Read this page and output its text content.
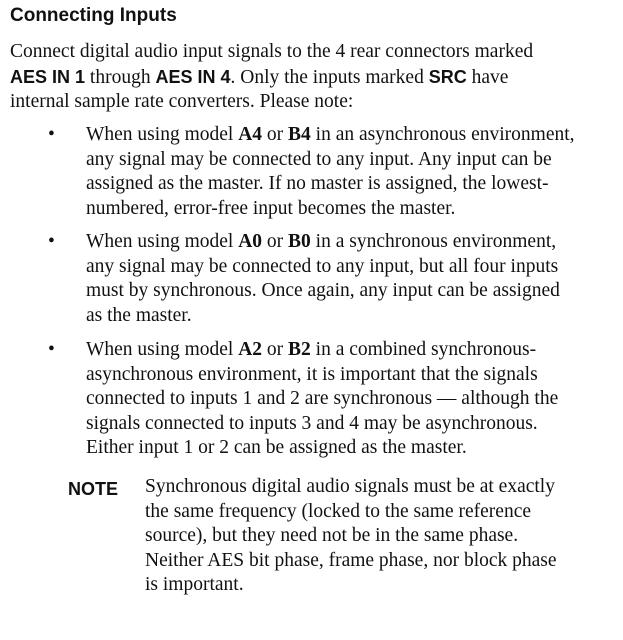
Connecting Inputs

Connect digital audio input signals to the 4 rear connectors marked
AES IN 1 through AES IN 4. Only the inputs marked SRC have
internal sample rate converters. Please note:

• When using model A4 or B4 in an asynchronous environment,
any signal may be connected to any input. Any input can be
assigned as the master. If no master is assigned, the lowest-
numbered, error-free input becomes the master.
• When using model A0 or B0 in a synchronous environment,
any signal may be connected to any input, but all four inputs
must by synchronous. Once again, any input can be assigned
as the master.
• When using model A2 or B2 in a combined synchronous-
asynchronous environment, it is important that the signals
connected to inputs 1 and 2 are synchronous — although the
signals connected to inputs 3 and 4 may be asynchronous.
Either input 1 or 2 can be assigned as the master.
NOTE Synchronous digital audio signals must be at exactly
the same frequency (locked to the same reference
source), but they need not be in the same phase.
Neither AES bit phase, frame phase, nor block phase
is important.
